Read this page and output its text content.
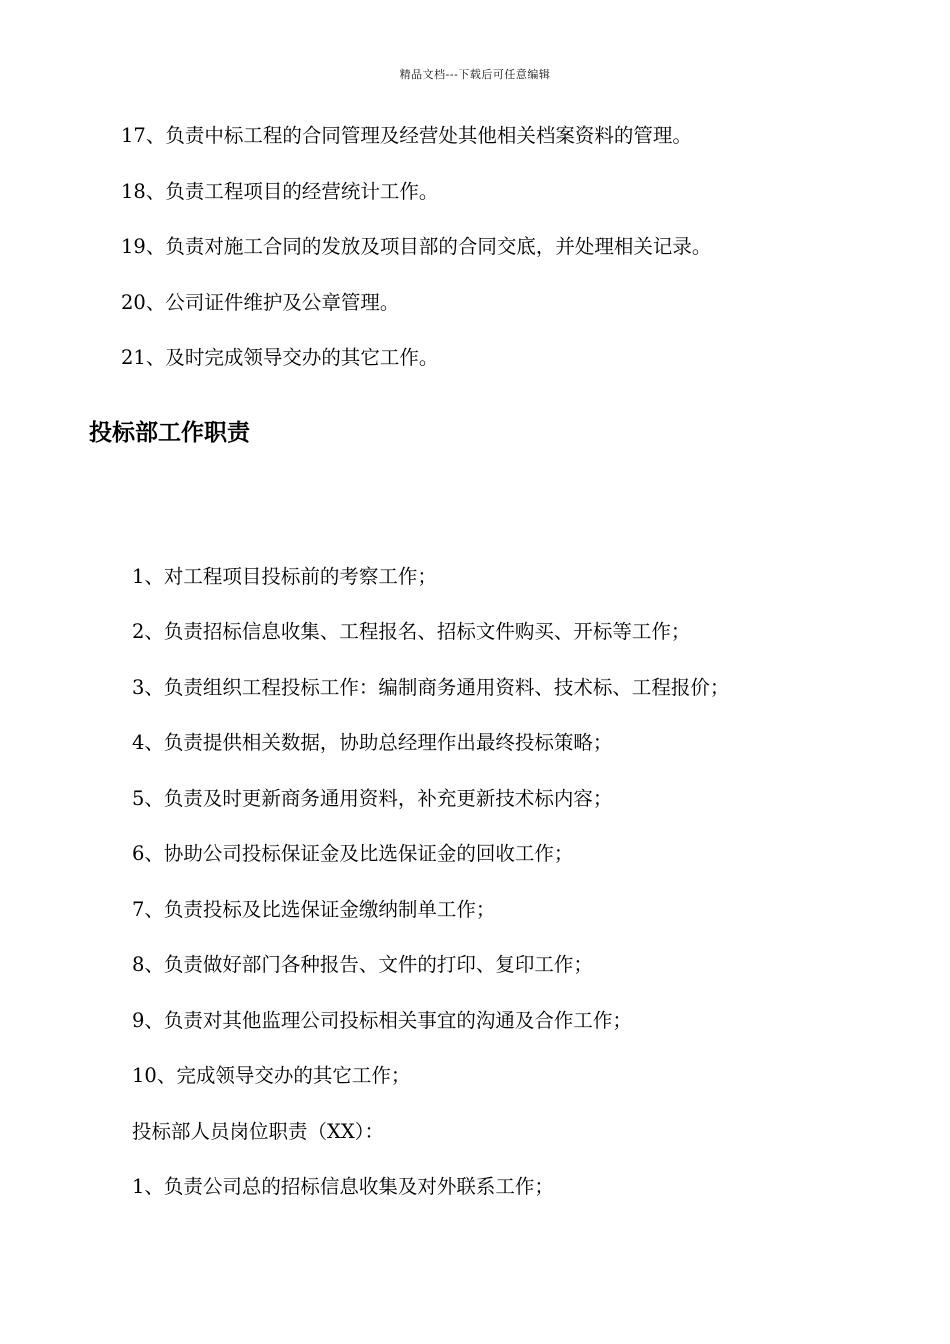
精品文档---下载后可任意编辑
17、负责中标工程的合同管理及经营处其他相关档案资料的管理。
18、负责工程项目的经营统计工作。
19、负责对施工合同的发放及项目部的合同交底，并处理相关记录。
20、公司证件维护及公章管理。
21、及时完成领导交办的其它工作。
投标部工作职责
1、对工程项目投标前的考察工作；
2、负责招标信息收集、工程报名、招标文件购买、开标等工作；
3、负责组织工程投标工作：编制商务通用资料、技术标、工程报价；
4、负责提供相关数据，协助总经理作出最终投标策略；
5、负责及时更新商务通用资料，补充更新技术标内容；
6、协助公司投标保证金及比选保证金的回收工作；
7、负责投标及比选保证金缴纳制单工作；
8、负责做好部门各种报告、文件的打印、复印工作；
9、负责对其他监理公司投标相关事宜的沟通及合作工作；
10、完成领导交办的其它工作；
投标部人员岗位职责（XX）：
1、负责公司总的招标信息收集及对外联系工作；
